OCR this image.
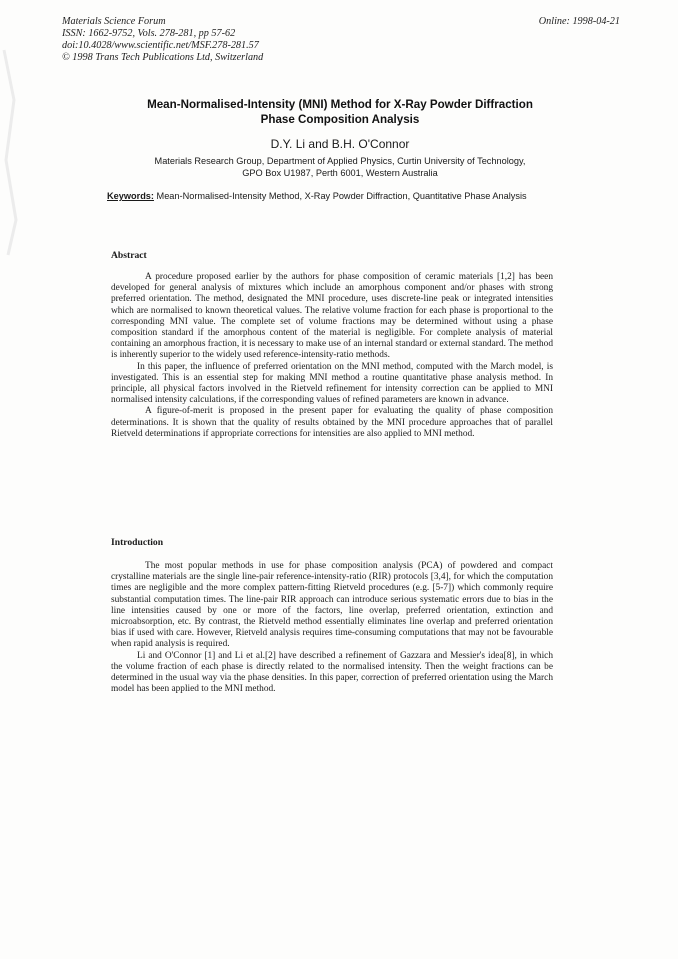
Materials Science Forum
ISSN: 1662-9752, Vols. 278-281, pp 57-62
doi:10.4028/www.scientific.net/MSF.278-281.57
© 1998 Trans Tech Publications Ltd, Switzerland
Online: 1998-04-21
Mean-Normalised-Intensity (MNI) Method for X-Ray Powder Diffraction
Phase Composition Analysis
D.Y. Li and B.H. O'Connor
Materials Research Group, Department of Applied Physics, Curtin University of Technology,
GPO Box U1987, Perth 6001, Western Australia
Keywords: Mean-Normalised-Intensity Method, X-Ray Powder Diffraction, Quantitative Phase Analysis
Abstract

A procedure proposed earlier by the authors for phase composition of ceramic materials [1,2] has been developed for general analysis of mixtures which include an amorphous component and/or phases with strong preferred orientation. The method, designated the MNI procedure, uses discrete-line peak or integrated intensities which are normalised to known theoretical values. The relative volume fraction for each phase is proportional to the corresponding MNI value. The complete set of volume fractions may be determined without using a phase composition standard if the amorphous content of the material is negligible. For complete analysis of material containing an amorphous fraction, it is necessary to make use of an internal standard or external standard. The method is inherently superior to the widely used reference-intensity-ratio methods.

In this paper, the influence of preferred orientation on the MNI method, computed with the March model, is investigated. This is an essential step for making MNI method a routine quantitative phase analysis method. In principle, all physical factors involved in the Rietveld refinement for intensity correction can be applied to MNI normalised intensity calculations, if the corresponding values of refined parameters are known in advance.

A figure-of-merit is proposed in the present paper for evaluating the quality of phase composition determinations. It is shown that the quality of results obtained by the MNI procedure approaches that of parallel Rietveld determinations if appropriate corrections for intensities are also applied to MNI method.

Introduction

The most popular methods in use for phase composition analysis (PCA) of powdered and compact crystalline materials are the single line-pair reference-intensity-ratio (RIR) protocols [3,4], for which the computation times are negligible and the more complex pattern-fitting Rietveld procedures (e.g. [5-7]) which commonly require substantial computation times. The line-pair RIR approach can introduce serious systematic errors due to bias in the line intensities caused by one or more of the factors, line overlap, preferred orientation, extinction and microabsorption, etc. By contrast, the Rietveld method essentially eliminates line overlap and preferred orientation bias if used with care. However, Rietveld analysis requires time-consuming computations that may not be favourable when rapid analysis is required.

Li and O'Connor [1] and Li et al.[2] have described a refinement of Gazzara and Messier's idea[8], in which the volume fraction of each phase is directly related to the normalised intensity. Then the weight fractions can be determined in the usual way via the phase densities. In this paper, correction of preferred orientation using the March model has been applied to the MNI method.
